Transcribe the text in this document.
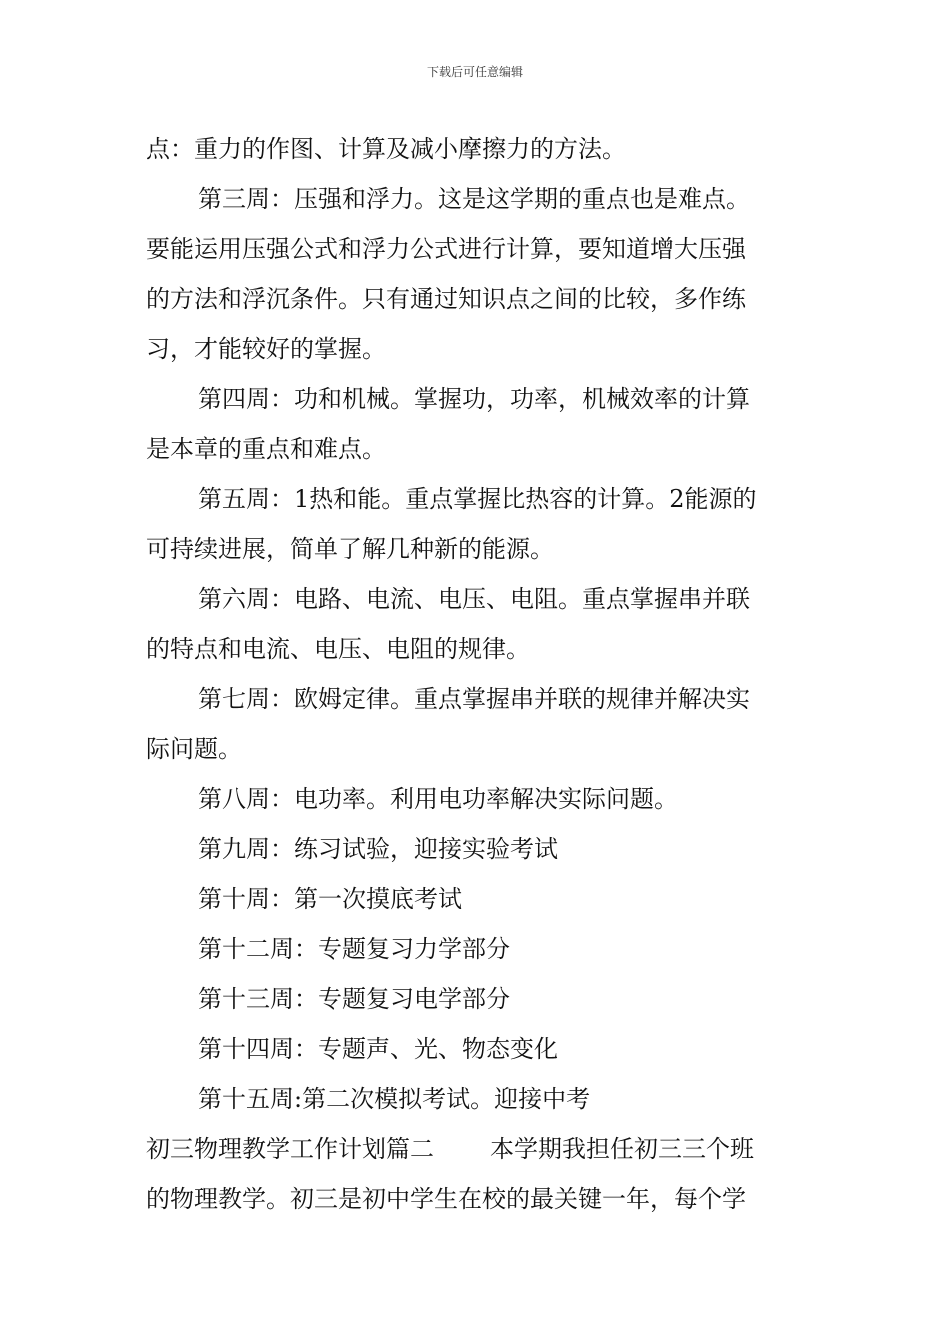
下载后可任意编辑
点：重力的作图、计算及减小摩擦力的方法。
第三周：压强和浮力。这是这学期的重点也是难点。
要能运用压强公式和浮力公式进行计算，要知道增大压强
的方法和浮沉条件。只有通过知识点之间的比较，多作练
习，才能较好的掌握。
第四周：功和机械。掌握功，功率，机械效率的计算
是本章的重点和难点。
第五周：1热和能。重点掌握比热容的计算。2能源的
可持续进展，简单了解几种新的能源。
第六周：电路、电流、电压、电阻。重点掌握串并联
的特点和电流、电压、电阻的规律。
第七周：欧姆定律。重点掌握串并联的规律并解决实
际问题。
第八周：电功率。利用电功率解决实际问题。
第九周：练习试验，迎接实验考试
第十周：第一次摸底考试
第十二周：专题复习力学部分
第十三周：专题复习电学部分
第十四周：专题声、光、物态变化
第十五周:第二次模拟考试。迎接中考
初三物理教学工作计划篇二 本学期我担任初三三个班
的物理教学。初三是初中学生在校的最关键一年，每个学
